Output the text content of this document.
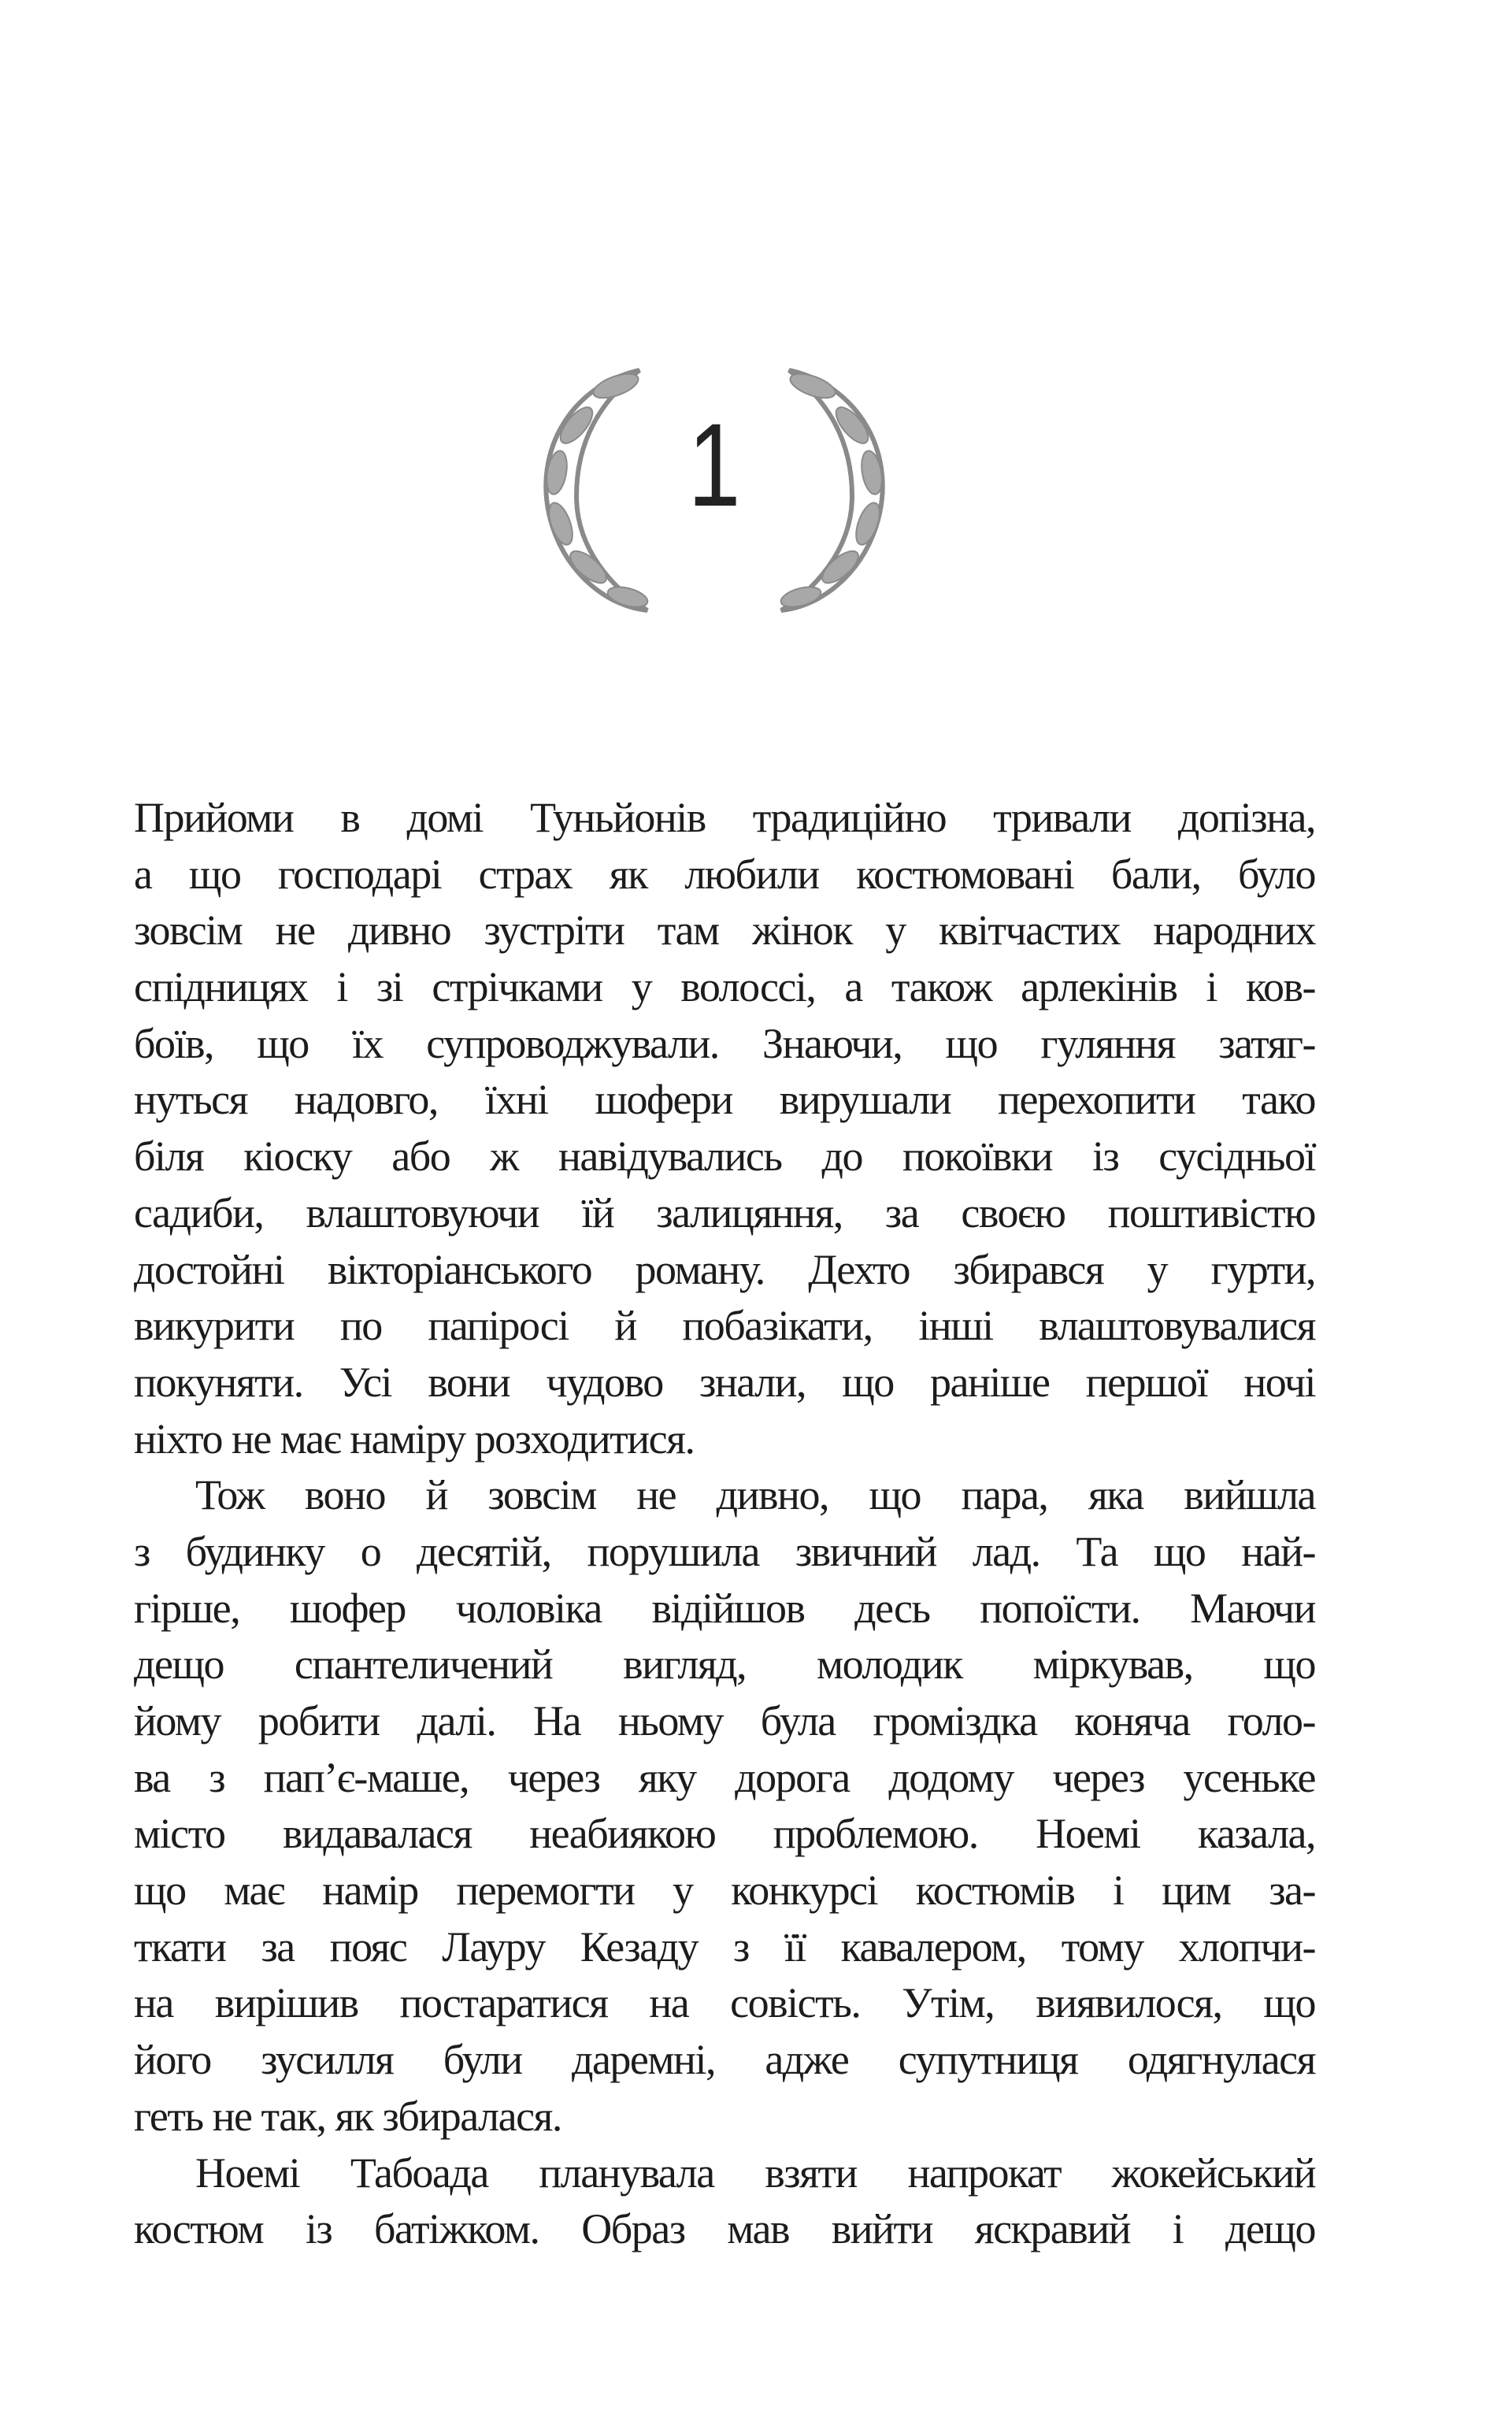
1
Прийоми в домі Туньйонів традиційно тривали допізна,
а що господарі страх як любили костюмовані бали, було
зовсім не дивно зустріти там жінок у квітчастих народних
спідницях і зі стрічками у волоссі, а також арлекінів і ков-
боїв, що їх супроводжували. Знаючи, що гуляння затяг-
нуться надовго, їхні шофери вирушали перехопити тако
біля кіоску або ж навідувались до покоївки із сусідньої
садиби, влаштовуючи їй залицяння, за своєю поштивістю
достойні вікторіанського роману. Дехто збирався у гурти,
викурити по папіросі й побазікати, інші влаштовувалися
покуняти. Усі вони чудово знали, що раніше першої ночі
ніхто не має наміру розходитися.
Тож воно й зовсім не дивно, що пара, яка вийшла
з будинку о десятій, порушила звичний лад. Та що най-
гірше, шофер чоловіка відійшов десь попоїсти. Маючи
дещо спантеличений вигляд, молодик міркував, що
йому робити далі. На ньому була громіздка коняча голо-
ва з пап’є-маше, через яку дорога додому через усеньке
місто видавалася неабиякою проблемою. Ноемі казала,
що має намір перемогти у конкурсі костюмів і цим за-
ткати за пояс Лауру Кезаду з її кавалером, тому хлопчи-
на вирішив постаратися на совість. Утім, виявилося, що
його зусилля були даремні, адже супутниця одягнулася
геть не так, як збиралася.
Ноемі Табоада планувала взяти напрокат жокейський
костюм із батіжком. Образ мав вийти яскравий і дещо
